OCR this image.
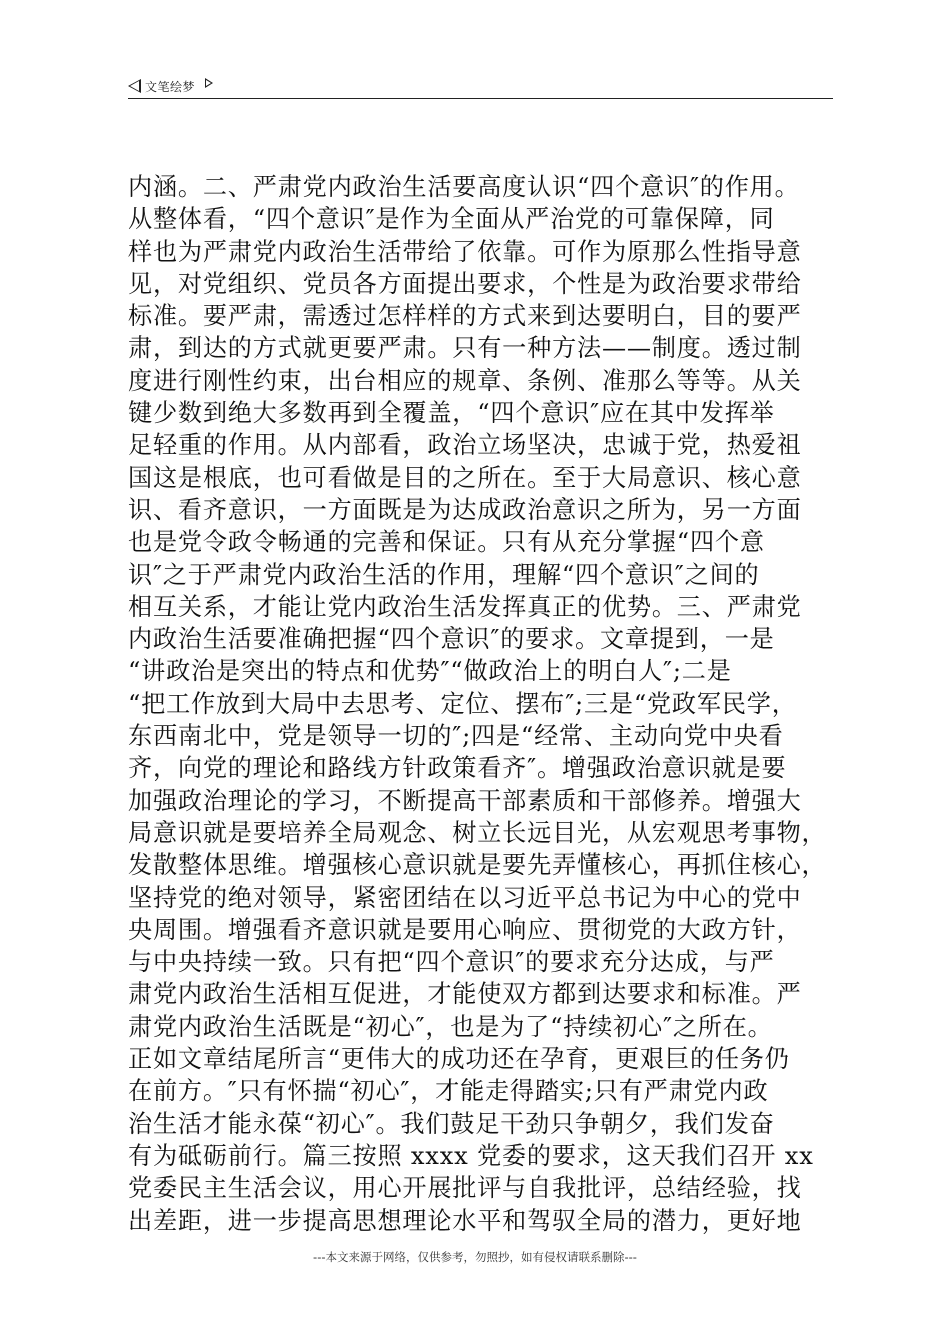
文笔绘梦
内涵。二、严肃党内政治生活要高度认识“四个意识″的作用。
从整体看，“四个意识″是作为全面从严治党的可靠保障，同
样也为严肃党内政治生活带给了依靠。可作为原那么性指导意
见，对党组织、党员各方面提出要求，个性是为政治要求带给
标准。要严肃，需透过怎样样的方式来到达要明白，目的要严
肃，到达的方式就更要严肃。只有一种方法——制度。透过制
度进行刚性约束，出台相应的规章、条例、准那么等等。从关
键少数到绝大多数再到全覆盖，“四个意识″应在其中发挥举
足轻重的作用。从内部看，政治立场坚决，忠诚于党，热爱祖
国这是根底，也可看做是目的之所在。至于大局意识、核心意
识、看齐意识，一方面既是为达成政治意识之所为，另一方面
也是党令政令畅通的完善和保证。只有从充分掌握“四个意
识″之于严肃党内政治生活的作用，理解“四个意识″之间的
相互关系，才能让党内政治生活发挥真正的优势。三、严肃党
内政治生活要准确把握“四个意识″的要求。文章提到，一是
“讲政治是突出的特点和优势″“做政治上的明白人″;二是
“把工作放到大局中去思考、定位、摆布″;三是“党政军民学，
东西南北中，党是领导一切的″;四是“经常、主动向党中央看
齐，向党的理论和路线方针政策看齐″。增强政治意识就是要
加强政治理论的学习，不断提高干部素质和干部修养。增强大
局意识就是要培养全局观念、树立长远目光，从宏观思考事物，
发散整体思维。增强核心意识就是要先弄懂核心，再抓住核心，
坚持党的绝对领导，紧密团结在以习近平总书记为中心的党中
央周围。增强看齐意识就是要用心响应、贯彻党的大政方针，
与中央持续一致。只有把“四个意识″的要求充分达成，与严
肃党内政治生活相互促进，才能使双方都到达要求和标准。严
肃党内政治生活既是“初心″，也是为了“持续初心″之所在。
正如文章结尾所言“更伟大的成功还在孕育，更艰巨的任务仍
在前方。″只有怀揣“初心″，才能走得踏实;只有严肃党内政
治生活才能永葆“初心″。我们鼓足干劲只争朝夕，我们发奋
有为砥砺前行。篇三按照 xxxx 党委的要求，这天我们召开 xx
党委民主生活会议，用心开展批评与自我批评，总结经验，找
出差距，进一步提高思想理论水平和驾驭全局的潜力，更好地
---本文来源于网络，仅供参考，勿照抄，如有侵权请联系删除---
